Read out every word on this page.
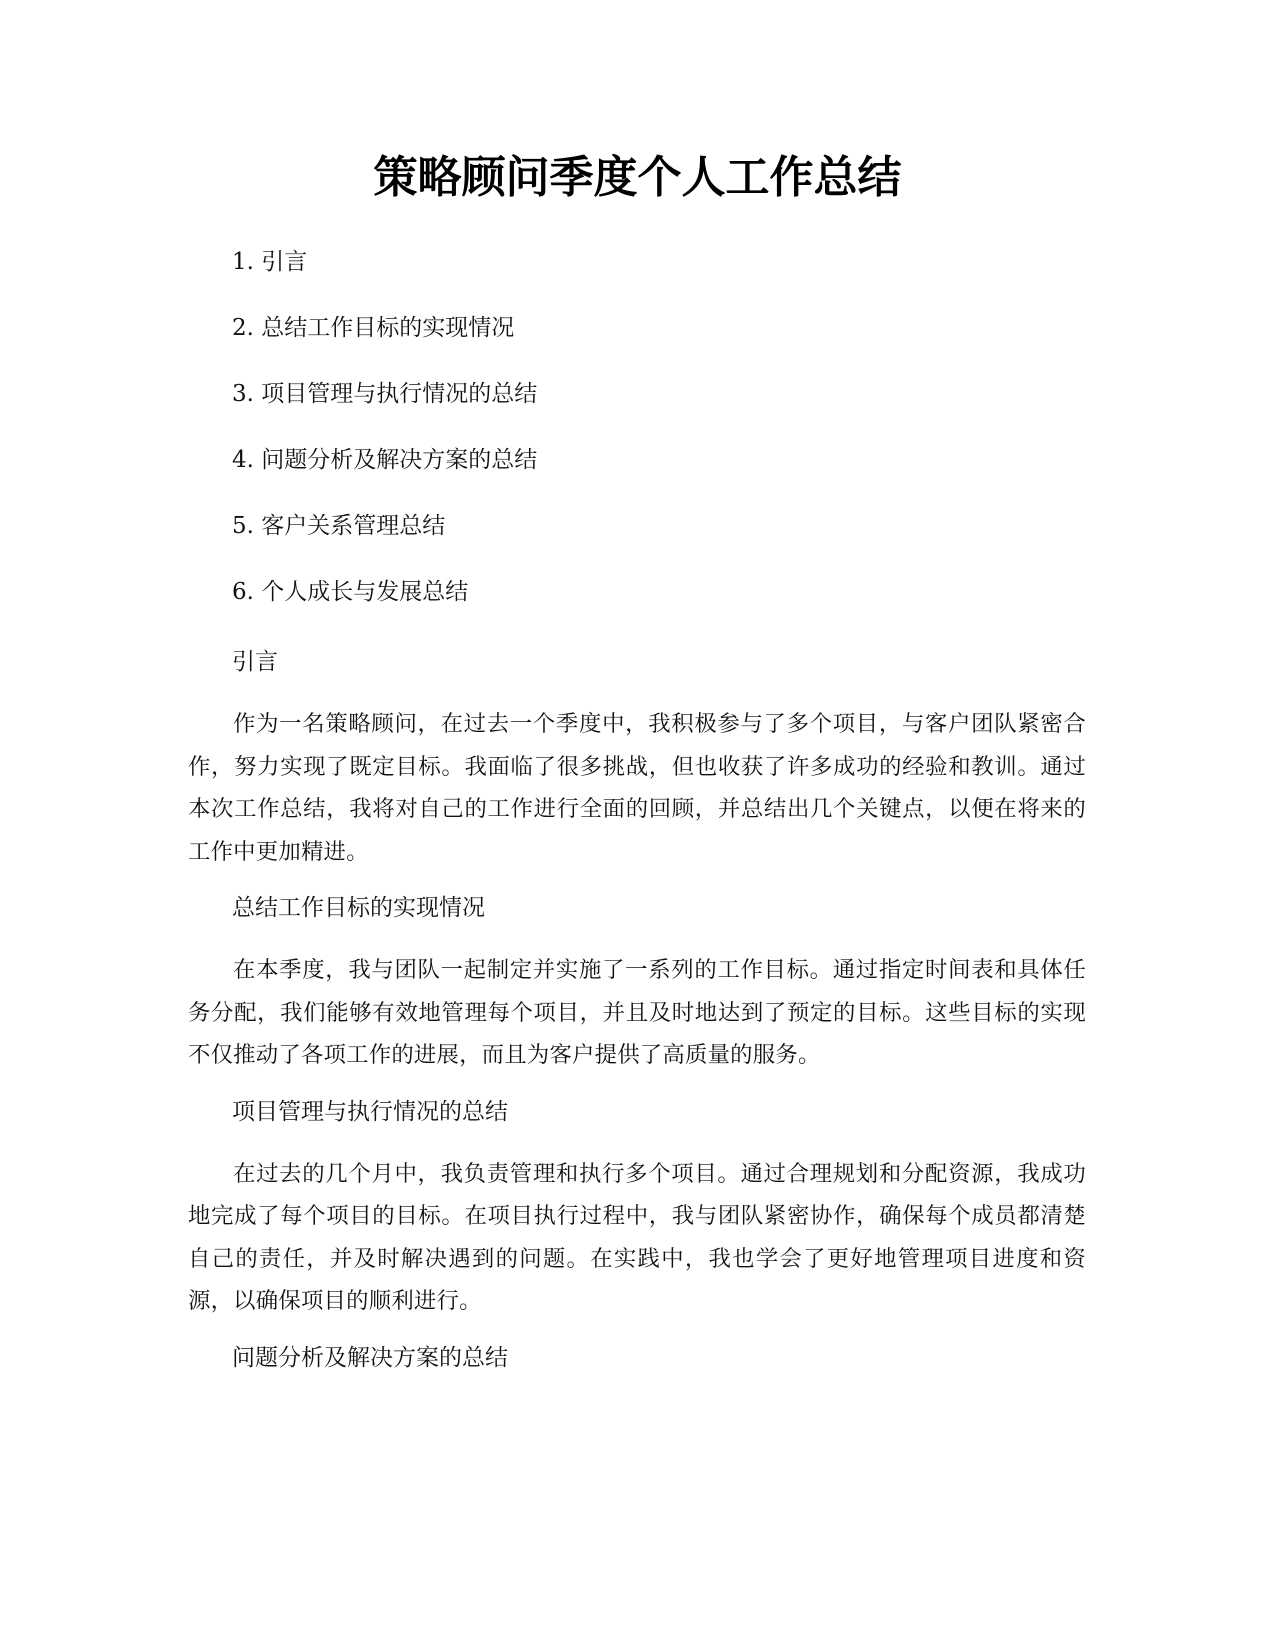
策略顾问季度个人工作总结
1. 引言
2. 总结工作目标的实现情况
3. 项目管理与执行情况的总结
4. 问题分析及解决方案的总结
5. 客户关系管理总结
6. 个人成长与发展总结

引言

作为一名策略顾问，在过去一个季度中，我积极参与了多个项目，与客户团队紧密合作，努力实现了既定目标。我面临了很多挑战，但也收获了许多成功的经验和教训。通过本次工作总结，我将对自己的工作进行全面的回顾，并总结出几个关键点，以便在将来的工作中更加精进。

总结工作目标的实现情况

在本季度，我与团队一起制定并实施了一系列的工作目标。通过指定时间表和具体任务分配，我们能够有效地管理每个项目，并且及时地达到了预定的目标。这些目标的实现不仅推动了各项工作的进展，而且为客户提供了高质量的服务。

项目管理与执行情况的总结

在过去的几个月中，我负责管理和执行多个项目。通过合理规划和分配资源，我成功地完成了每个项目的目标。在项目执行过程中，我与团队紧密协作，确保每个成员都清楚自己的责任，并及时解决遇到的问题。在实践中，我也学会了更好地管理项目进度和资源，以确保项目的顺利进行。

问题分析及解决方案的总结
